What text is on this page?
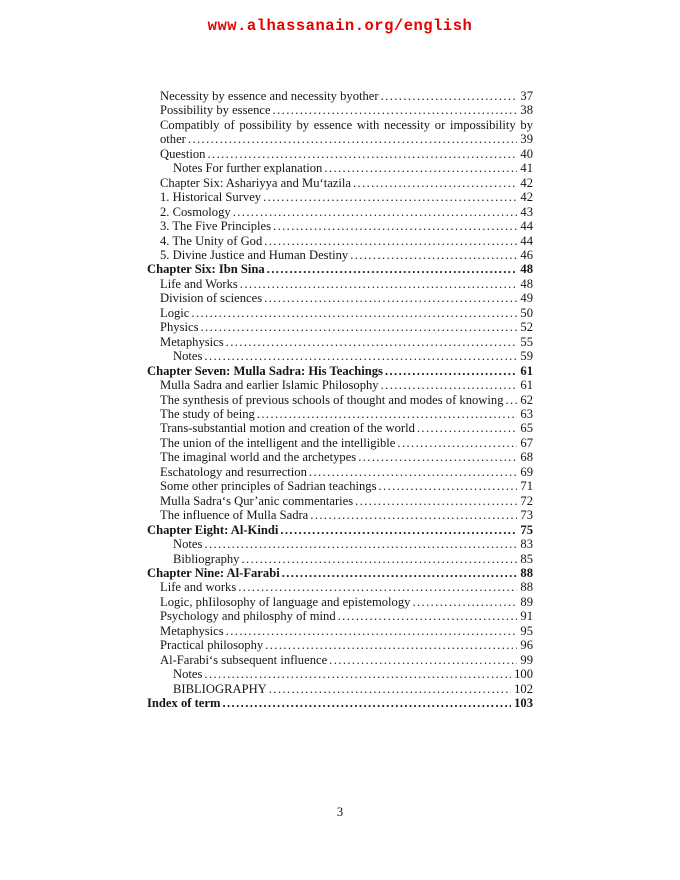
www.alhassanain.org/english
Necessity by essence and necessity byother .....	37
Possibility by essence .....	38
Compatibly of possibility by essence with necessity or impossibility by
other .....	39
Question .....	40
Notes For further explanation .....	41
Chapter Six: Ashariyya and Mu‘tazila .....	42
1. Historical Survey .....	42
2. Cosmology .....	43
3. The Five Principles .....	44
4. The Unity of God .....	44
5. Divine Justice and Human Destiny .....	46
Chapter Six: Ibn Sina .....	48
Life and Works .....	48
Division of sciences .....	49
Logic .....	50
Physics .....	52
Metaphysics .....	55
Notes .....	59
Chapter Seven: Mulla Sadra: His Teachings .....	61
Mulla Sadra and earlier Islamic Philosophy .....	61
The synthesis of previous schools of thought and modes of knowing ..... 62
The study of being .....	63
Trans-substantial motion and creation of the world .....	65
The union of the intelligent and the intelligible .....	67
The imaginal world and the archetypes .....	68
Eschatology and resurrection .....	69
Some other principles of Sadrian teachings .....	71
Mulla Sadra‘s Qur’anic commentaries .....	72
The influence of Mulla Sadra .....	73
Chapter Eight: Al-Kindi .....	75
Notes .....	83
Bibliography .....	85
Chapter Nine: Al-Farabi .....	88
Life and works .....	88
Logic, phIilosophy of language and epistemology .....	89
Psychology and philosphy of mind .....	91
Metaphysics .....	95
Practical philosophy .....	96
Al-Farabi‘s subsequent influence .....	99
Notes .....	100
BIBLIOGRAPHY .....	102
Index of term .....	103
3
